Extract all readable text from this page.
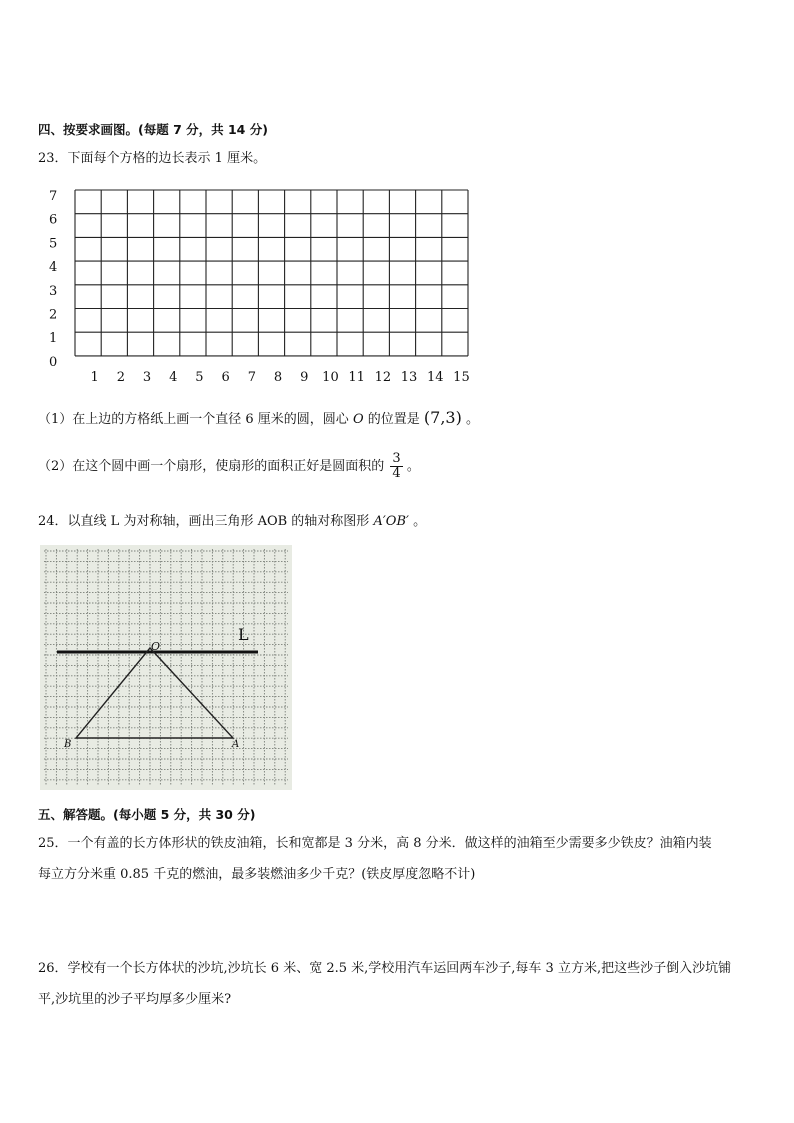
四、按要求画图。(每题 7 分，共 14 分)
23．下面每个方格的边长表示 1 厘米。
1 2 3 4 5 6 7 8 9 10 11 12 13 14 15
0
1
2
3
4
5
6
7
（1）在上边的方格纸上画一个直径 6 厘米的圆，圆心 O 的位置是 (7,3) 。
（2）在这个圆中画一个扇形，使扇形的面积正好是圆面积的 $\frac{3}{4}$ 。
24．以直线 L 为对称轴，画出三角形 AOB 的轴对称图形 A′OB′ 。
L
O
B	A
五、解答题。(每小题 5 分，共 30 分)
25．一个有盖的长方体形状的铁皮油箱，长和宽都是 3 分米，高 8 分米．做这样的油箱至少需要多少铁皮？油箱内装
每立方分米重 0.85 千克的燃油，最多装燃油多少千克？(铁皮厚度忽略不计)
26．学校有一个长方体状的沙坑,沙坑长 6 米、宽 2.5 米,学校用汽车运回两车沙子,每车 3 立方米,把这些沙子倒入沙坑铺
平,沙坑里的沙子平均厚多少厘米?
